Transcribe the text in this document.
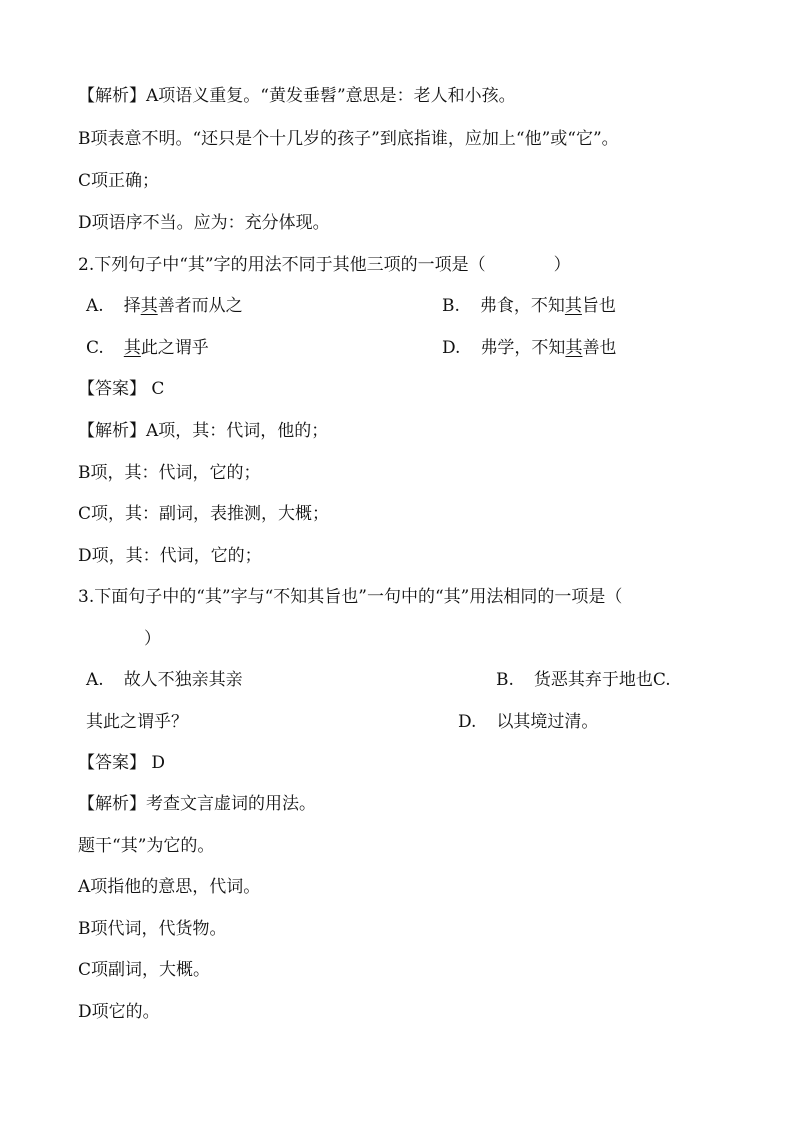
【解析】A项语义重复。“黄发垂髫”意思是：老人和小孩。
B项表意不明。“还只是个十几岁的孩子”到底指谁，应加上“他”或“它”。
C项正确；
D项语序不当。应为：充分体现。
2.下列句子中“其”字的用法不同于其他三项的一项是（　　　　）
A. 择其善者而从之	B. 弗食，不知其旨也
C. 其此之谓乎	D. 弗学，不知其善也
【答案】 C
【解析】A项，其：代词，他的；
B项，其：代词，它的；
C项，其：副词，表推测，大概；
D项，其：代词，它的；
3.下面句子中的“其”字与“不知其旨也”一句中的“其”用法相同的一项是（
）
A. 故人不独亲其亲	B. 货恶其弃于地也C.
其此之谓乎？	D. 以其境过清。
【答案】 D
【解析】考查文言虚词的用法。
题干“其”为它的。
A项指他的意思，代词。
B项代词，代货物。
C项副词，大概。
D项它的。
